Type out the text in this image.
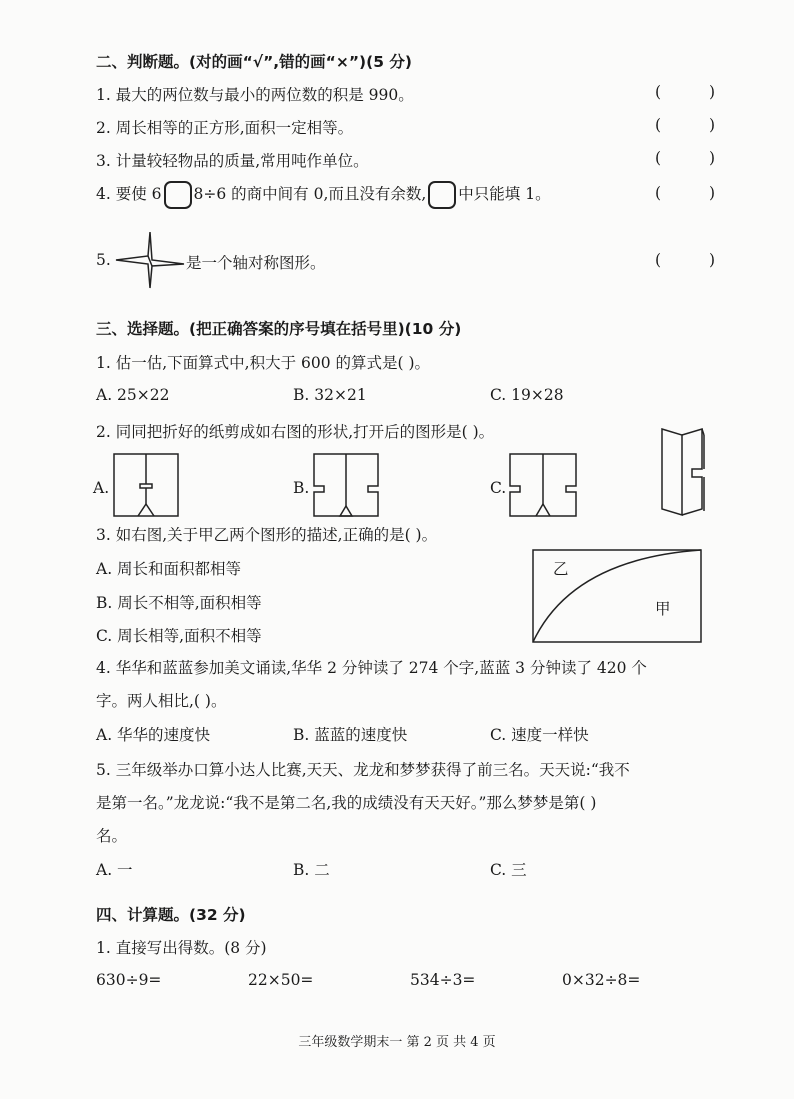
二、判断题。(对的画“√”,错的画“×”)(5 分)
1. 最大的两位数与最小的两位数的积是 990。	(	)
2. 周长相等的正方形,面积一定相等。	(	)
3. 计量较轻物品的质量,常用吨作单位。	(	)
4. 要使 6 8÷6 的商中间有 0,而且没有余数, 中只能填 1。	(	)
5.	是一个轴对称图形。	(	)
三、选择题。(把正确答案的序号填在括号里)(10 分)
1. 估一估,下面算式中,积大于 600 的算式是( )。
A. 25×22	B. 32×21	C. 19×28
2. 同同把折好的纸剪成如右图的形状,打开后的图形是( )。
A.	B.	C.
3. 如右图,关于甲乙两个图形的描述,正确的是( )。
A. 周长和面积都相等
B. 周长不相等,面积相等
C. 周长相等,面积不相等
乙
甲
4. 华华和蓝蓝参加美文诵读,华华 2 分钟读了 274 个字,蓝蓝 3 分钟读了 420 个
字。两人相比,( )。
A. 华华的速度快	B. 蓝蓝的速度快	C. 速度一样快
5. 三年级举办口算小达人比赛,天天、龙龙和梦梦获得了前三名。天天说:“我不
是第一名。”龙龙说:“我不是第二名,我的成绩没有天天好。”那么梦梦是第( )
名。
A. 一	B. 二	C. 三
四、计算题。(32 分)
1. 直接写出得数。(8 分)
630÷9=	22×50=	534÷3=	0×32÷8=
三年级数学期末一 第 2 页 共 4 页
